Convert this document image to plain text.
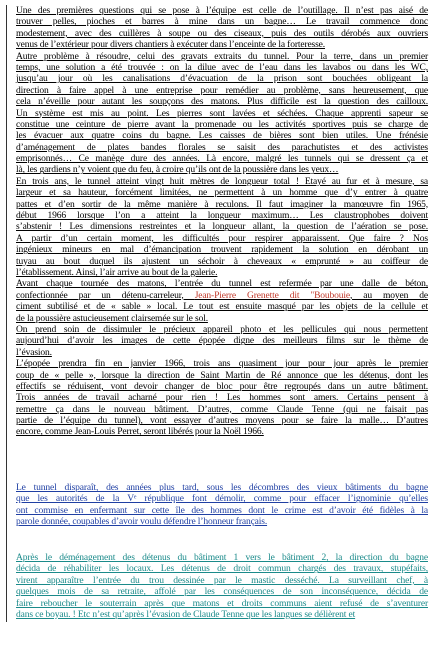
Une des premières questions qui se pose à l’équipe est celle de l’outillage. Il n’est pas aisé de
trouver pelles, pioches et barres à mine dans un bagne… Le travail commence donc
modestement, avec des cuillères à soupe ou des ciseaux, puis des outils dérobés aux ouvriers
venus de l’extérieur pour divers chantiers à exécuter dans l’enceinte de la forteresse.
Autre problème à résoudre, celui des gravats extraits du tunnel. Pour la terre, dans un premier
temps, une solution a été trouvée : on la dilue avec de l’eau dans les lavabos ou dans les WC,
jusqu’au jour où les canalisations d’évacuation de la prison sont bouchées obligeant la
direction à faire appel à une entreprise pour remédier au problème, sans heureusement, que
cela n’éveille pour autant les soupçons des matons. Plus difficile est la question des cailloux.
Un système est mis au point. Les pierres sont lavées et séchées. Chaque apprenti sapeur se
constitue une ceinture de pierre avant la promenade ou les activités sportives puis se charge de
les évacuer aux quatre coins du bagne. Les caisses de bières sont bien utiles. Une frénésie
d’aménagement de plates bandes florales se saisit des parachutistes et des activistes
emprisonnés… Ce manège dure des années. Là encore, malgré les tunnels qui se dressent ça et
là, les gardiens n’y voient que du feu, à croire qu’ils ont de la poussière dans les yeux…
En trois ans, le tunnel atteint vingt huit mètres de longueur total ! Etayé au fur et à mesure, sa
largeur et sa hauteur, forcément limitées, ne permettent à un homme que d’y entrer à quatre
pattes et d’en sortir de la même manière à reculons. Il faut imaginer la manœuvre fin 1965,
début 1966 lorsque l’on a atteint la longueur maximum… Les claustrophobes doivent
s’abstenir ! Les dimensions restreintes et la longueur allant, la question de l’aération se pose.
A partir d’un certain moment, les difficultés pour respirer apparaissent. Que faire ? Nos
ingénieux mineurs en mal d’émancipation trouvent rapidement la solution en dérobant un
tuyau au bout duquel ils ajustent un séchoir à cheveaux « emprunté » au coiffeur de
l’établissement. Ainsi, l’air arrive au bout de la galerie.
Avant chaque tournée des matons, l’entrée du tunnel est refermée par une dalle de béton,
confectionnée par un détenu-carreleur, Jean-Pierre Grenette dit "Boubouie, au moyen de
ciment subtilisé et de « sable » local. Le tout est ensuite masqué par les objets de la cellule et
de la poussière astucieusement clairsemée sur le sol.
On prend soin de dissimuler le précieux appareil photo et les pellicules qui nous permettent
aujourd’hui d’avoir les images de cette épopée digne des meilleurs films sur le thème de
l’évasion.
L’épopée prendra fin en janvier 1966, trois ans quasiment jour pour jour après le premier
coup de « pelle », lorsque la direction de Saint Martin de Ré annonce que les détenus, dont les
effectifs se réduisent, vont devoir changer de bloc pour être regroupés dans un autre bâtiment.
Trois années de travail acharné pour rien ! Les hommes sont amers. Certains pensent à
remettre ça dans le nouveau bâtiment. D’autres, comme Claude Tenne (qui ne faisait pas
partie de l’équipe du tunnel), vont essayer d’autres moyens pour se faire la malle… D’autres
encore, comme Jean-Louis Perret, seront libérés pour la Noël 1966.
Le tunnel disparaît, des années plus tard, sous les décombres des vieux bâtiments du bagne
que les autorités de la Vᵉ république font démolir, comme pour effacer l’ignominie qu’elles
ont commise en enfermant sur cette île des hommes dont le crime est d’avoir été fidèles à la
parole donnée, coupables d’avoir voulu défendre l’honneur français.
Après le déménagement des détenus du bâtiment 1 vers le bâtiment 2, la direction du bagne
décida de réhabiliter les locaux. Les détenus de droit commun chargés des travaux, stupéfaits,
virent apparaître l’entrée du trou dessinée par le mastic desséché. La surveillant chef, à
quelques mois de sa retraite, affolé par les conséquences de son inconséquence, décida de
faire reboucher le souterrain après que matons et droits communs aient refusé de s’aventurer
dans ce boyau. ! Etc n’est qu’après l’évasion de Claude Tenne que les langues se délièrent et
